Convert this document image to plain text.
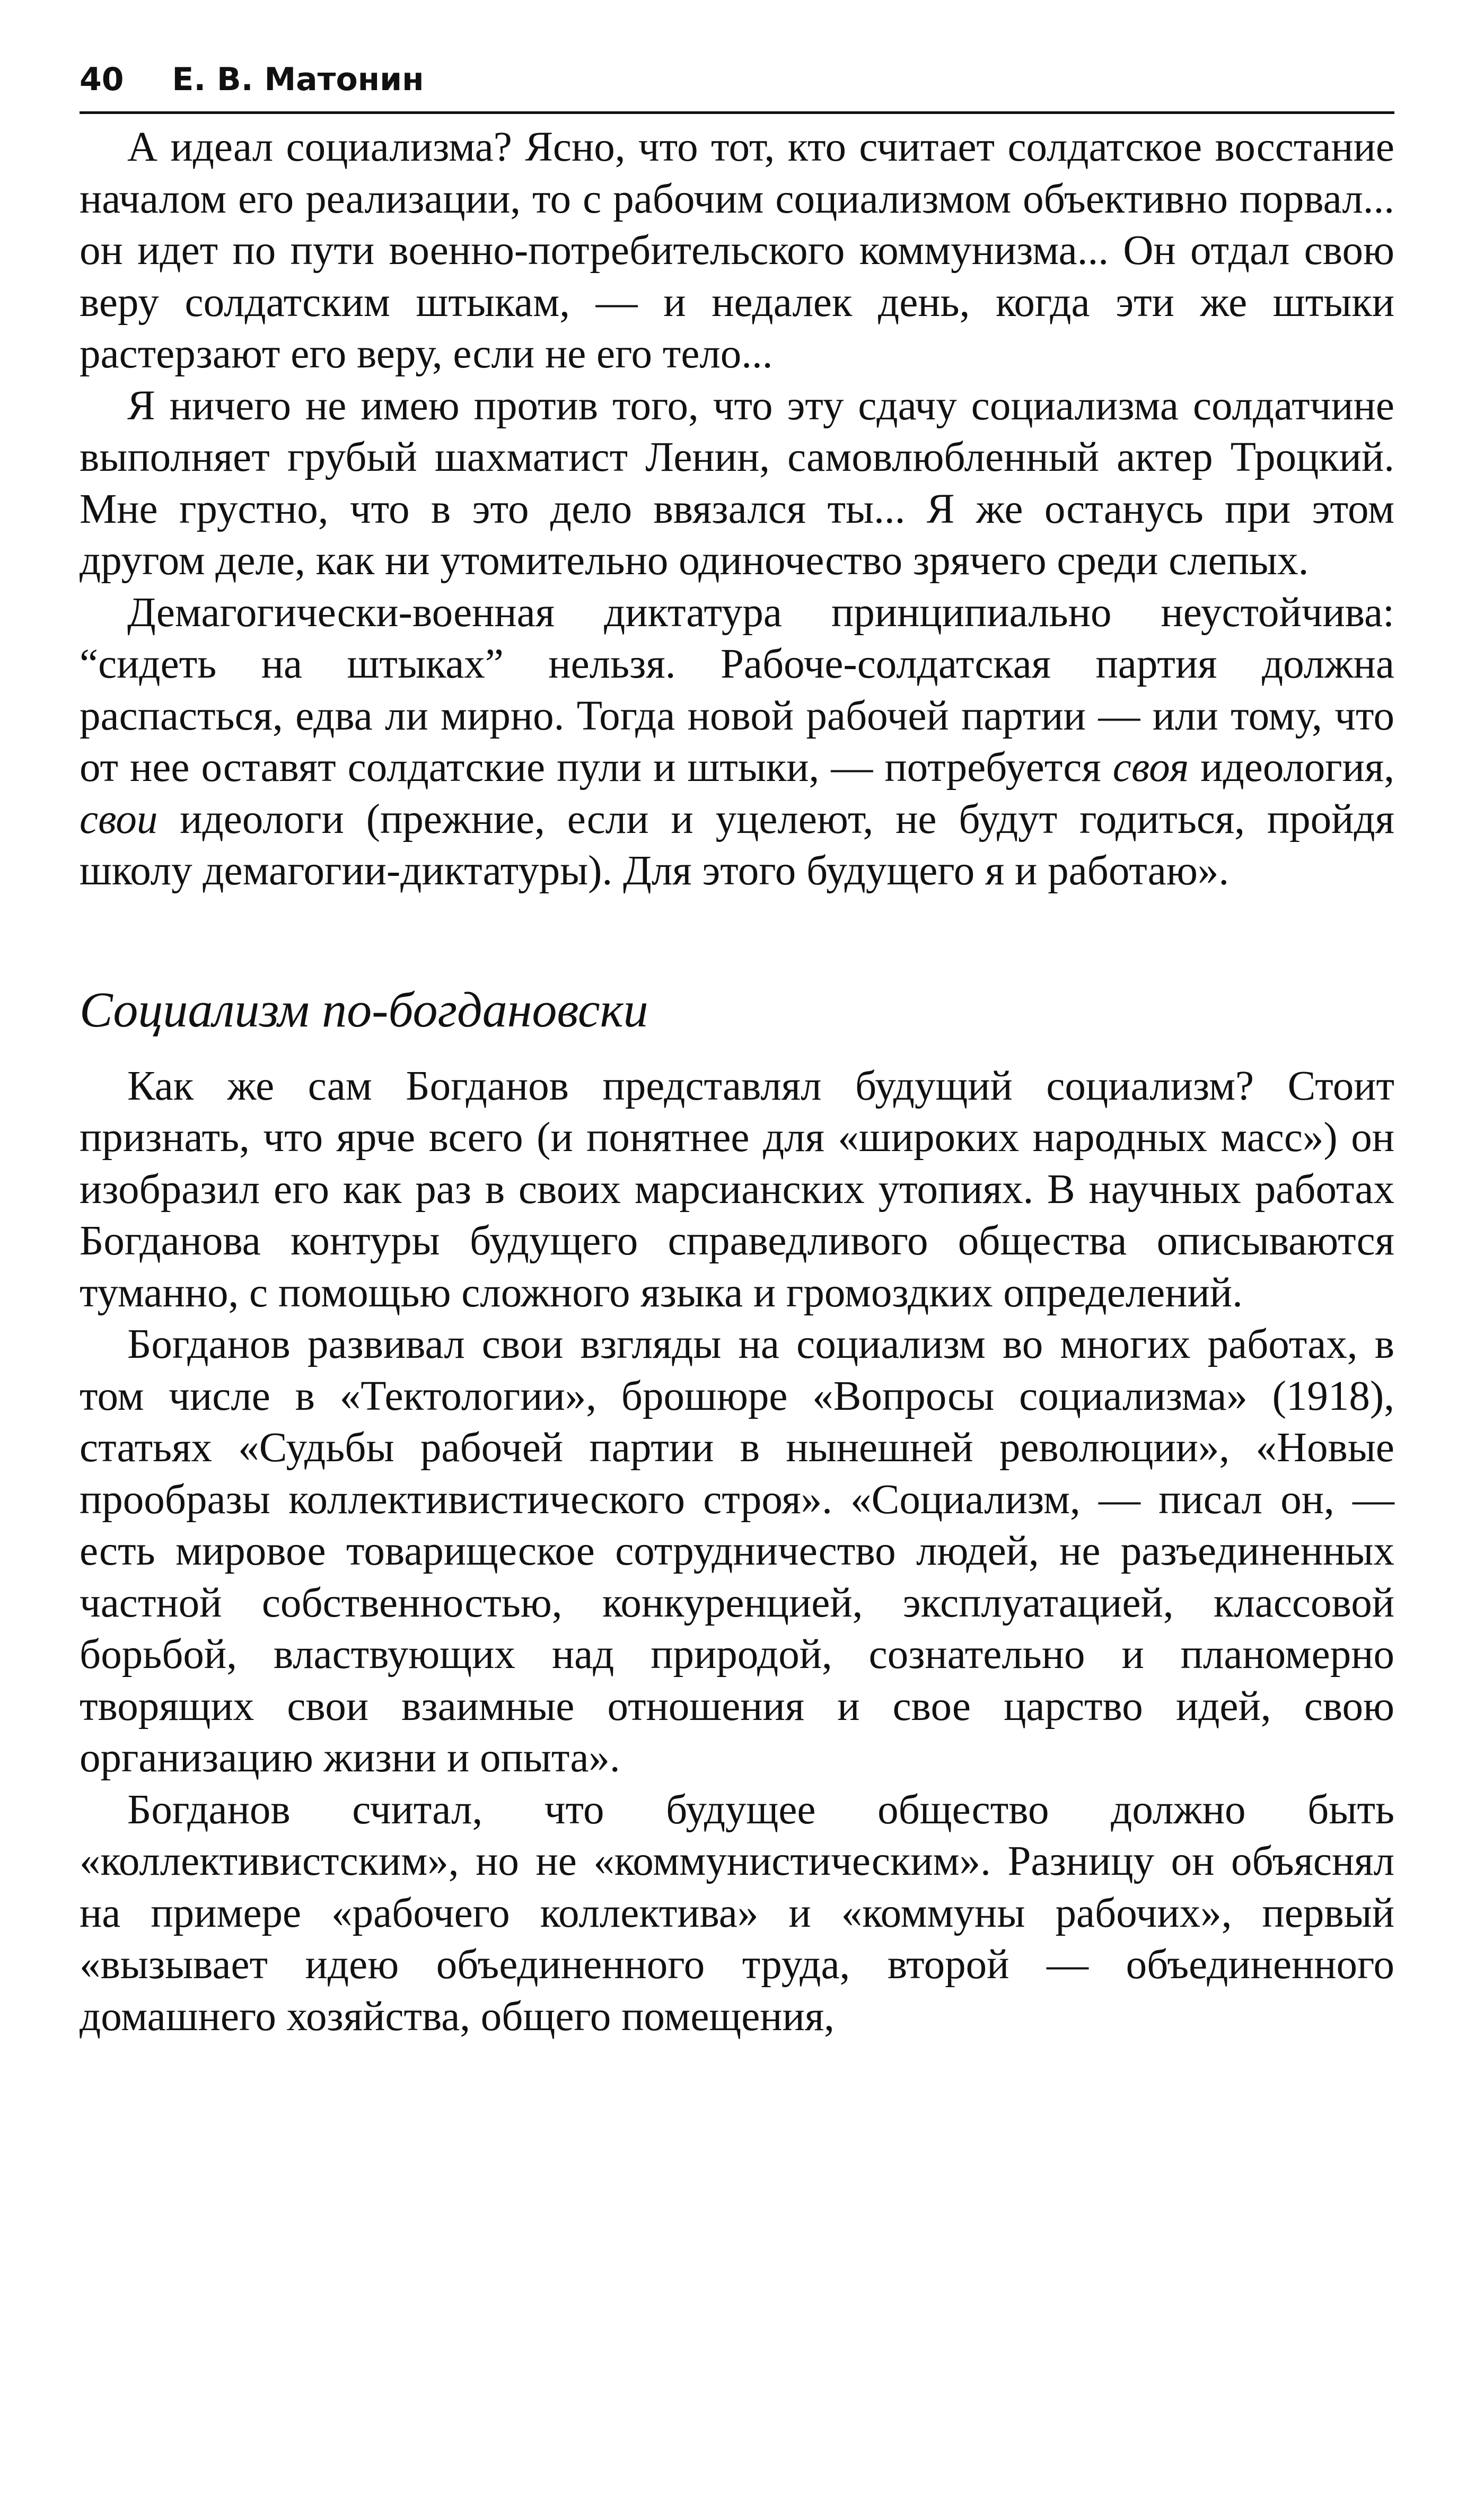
40 Е. В. Матонин

А идеал социализма? Ясно, что тот, кто считает солдатское восстание началом его реализации, то с рабочим социализмом объективно порвал... он идет по пути военно-потребительского коммунизма... Он отдал свою веру солдатским штыкам, — и недалек день, когда эти же штыки растерзают его веру, если не его тело...

Я ничего не имею против того, что эту сдачу социализма солдатчине выполняет грубый шахматист Ленин, самовлюбленный актер Троцкий. Мне грустно, что в это дело ввязался ты... Я же останусь при этом другом деле, как ни утомительно одиночество зрячего среди слепых.

Демагогически-военная диктатура принципиально неустойчива: “сидеть на штыках” нельзя. Рабоче-солдатская партия должна распасться, едва ли мирно. Тогда новой рабочей партии — или тому, что от нее оставят солдатские пули и штыки, — потребуется своя идеология, свои идеологи (прежние, если и уцелеют, не будут годиться, пройдя школу демагогии-диктатуры). Для этого будущего я и работаю».

Социализм по-богдановски

Как же сам Богданов представлял будущий социализм? Стоит признать, что ярче всего (и понятнее для «широких народных масс») он изобразил его как раз в своих марсианских утопиях. В научных работах Богданова контуры будущего справедливого общества описываются туманно, с помощью сложного языка и громоздких определений.

Богданов развивал свои взгляды на социализм во многих работах, в том числе в «Тектологии», брошюре «Вопросы социализма» (1918), статьях «Судьбы рабочей партии в нынешней революции», «Новые прообразы коллективистического строя». «Социализм, — писал он, — есть мировое товарищеское сотрудничество людей, не разъединенных частной собственностью, конкуренцией, эксплуатацией, классовой борьбой, властвующих над природой, сознательно и планомерно творящих свои взаимные отношения и свое царство идей, свою организацию жизни и опыта».

Богданов считал, что будущее общество должно быть «коллективистским», но не «коммунистическим». Разницу он объяснял на примере «рабочего коллектива» и «коммуны рабочих», первый «вызывает идею объединенного труда, второй — объединенного домашнего хозяйства, общего помещения,
